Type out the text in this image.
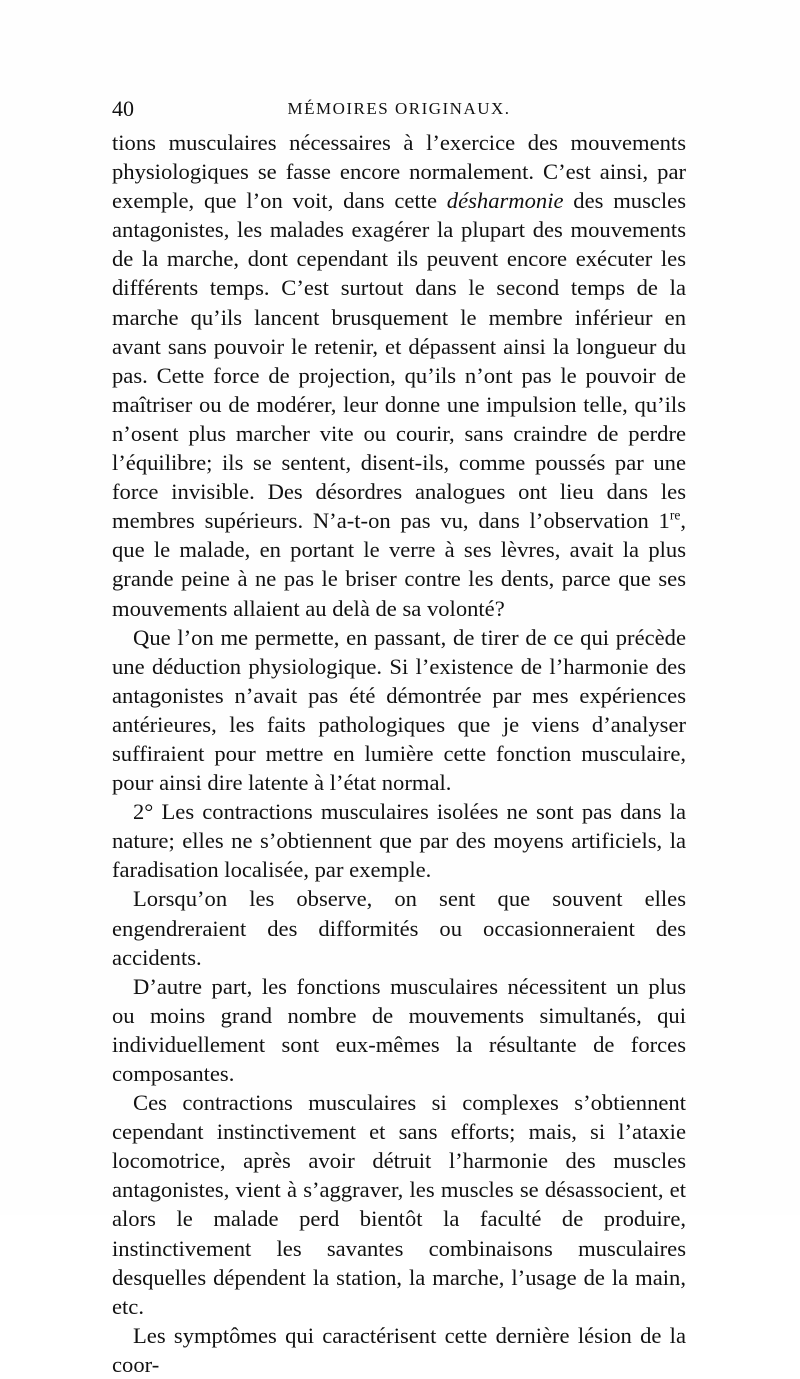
40	MÉMOIRES ORIGINAUX.

tions musculaires nécessaires à l’exercice des mouvements physiologiques se fasse encore normalement. C’est ainsi, par exemple, que l’on voit, dans cette désharmonie des muscles antagonistes, les malades exagérer la plupart des mouvements de la marche, dont cependant ils peuvent encore exécuter les différents temps. C’est surtout dans le second temps de la marche qu’ils lancent brusquement le membre inférieur en avant sans pouvoir le retenir, et dépassent ainsi la longueur du pas. Cette force de projection, qu’ils n’ont pas le pouvoir de maîtriser ou de modérer, leur donne une impulsion telle, qu’ils n’osent plus marcher vite ou courir, sans craindre de perdre l’équilibre; ils se sentent, disent-ils, comme poussés par une force invisible. Des désordres analogues ont lieu dans les membres supérieurs. N’a-t-on pas vu, dans l’observation 1re, que le malade, en portant le verre à ses lèvres, avait la plus grande peine à ne pas le briser contre les dents, parce que ses mouvements allaient au delà de sa volonté?

Que l’on me permette, en passant, de tirer de ce qui précède une déduction physiologique. Si l’existence de l’harmonie des antagonistes n’avait pas été démontrée par mes expériences antérieures, les faits pathologiques que je viens d’analyser suffiraient pour mettre en lumière cette fonction musculaire, pour ainsi dire latente à l’état normal.

2° Les contractions musculaires isolées ne sont pas dans la nature; elles ne s’obtiennent que par des moyens artificiels, la faradisation localisée, par exemple.

Lorsqu’on les observe, on sent que souvent elles engendreraient des difformités ou occasionneraient des accidents.

D’autre part, les fonctions musculaires nécessitent un plus ou moins grand nombre de mouvements simultanés, qui individuellement sont eux-mêmes la résultante de forces composantes.

Ces contractions musculaires si complexes s’obtiennent cependant instinctivement et sans efforts; mais, si l’ataxie locomotrice, après avoir détruit l’harmonie des muscles antagonistes, vient à s’aggraver, les muscles se désassocient, et alors le malade perd bientôt la faculté de produire, instinctivement les savantes combinaisons musculaires desquelles dépendent la station, la marche, l’usage de la main, etc.

Les symptômes qui caractérisent cette dernière lésion de la coor-
